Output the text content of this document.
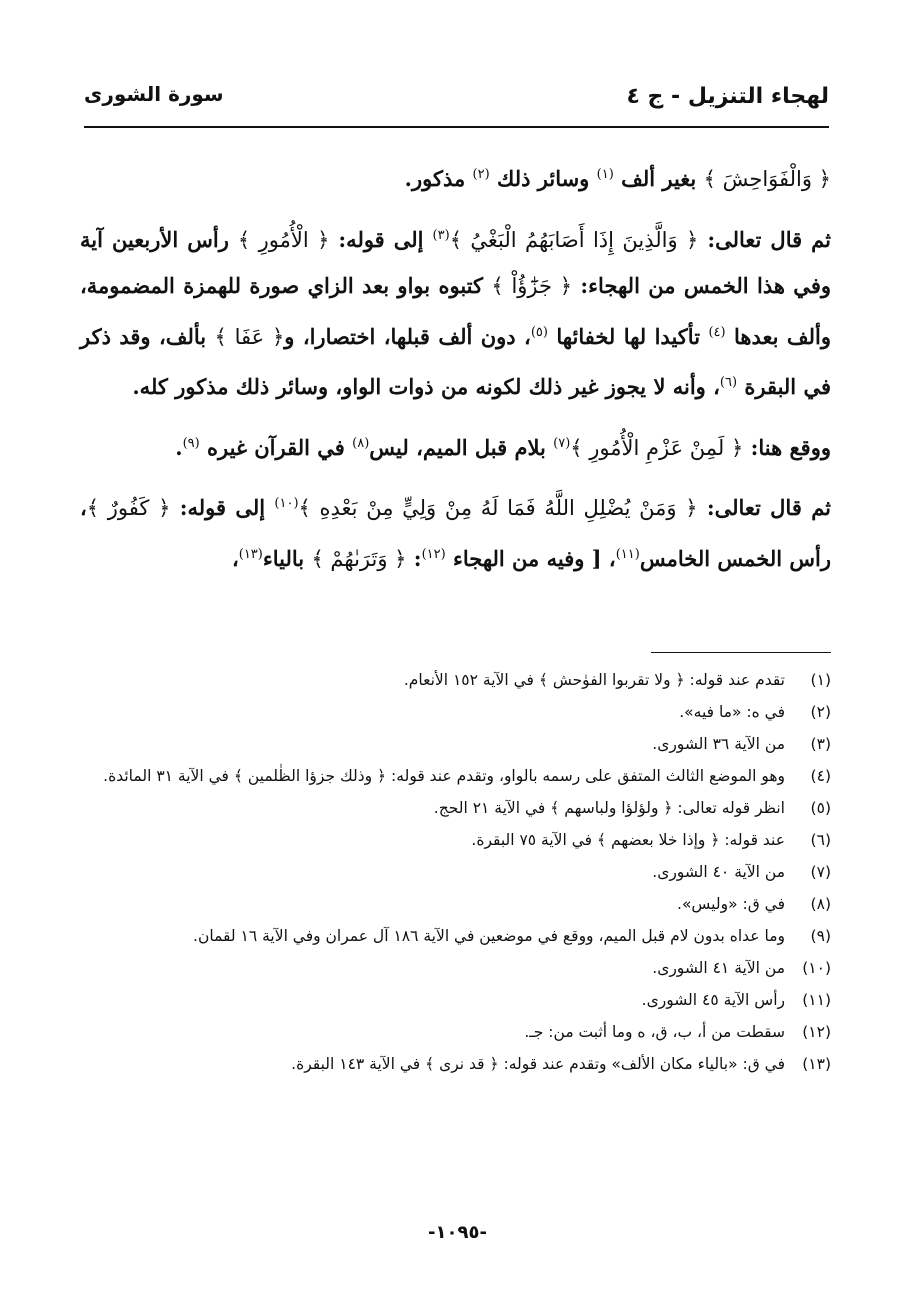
لهجاء التنزيل - ج ٤
سورة الشورى

﴿ وَالْفَوَاحِشَ ﴾ بغير ألف $^{(١)}$ وسائر ذلك $^{(٢)}$ مذكور.

ثم قال تعالى: ﴿ وَالَّذِينَ إِذَا أَصَابَهُمُ الْبَغْيُ ﴾$^{(٣)}$ إلى قوله: ﴿ الْأُمُورِ ﴾ رأس الأربعين آية وفي هذا الخمس من الهجاء: ﴿ جَزَٰٓؤُاْ ﴾ كتبوه بواو بعد الزاي صورة للهمزة المضمومة، وألف بعدها $^{(٤)}$ تأكيدا لها لخفائها $^{(٥)}$، دون ألف قبلها، اختصارا، و﴿ عَفَا ﴾ بألف، وقد ذكر في البقرة $^{(٦)}$، وأنه لا يجوز غير ذلك لكونه من ذوات الواو، وسائر ذلك مذكور كله.

ووقع هنا: ﴿ لَمِنْ عَزْمِ الْأُمُورِ ﴾$^{(٧)}$ بلام قبل الميم، ليس$^{(٨)}$ في القرآن غيره $^{(٩)}$.

ثم قال تعالى: ﴿ وَمَنْ يُضْلِلِ اللَّهُ فَمَا لَهُ مِنْ وَلِيٍّ مِنْ بَعْدِهِ ﴾$^{(١٠)}$ إلى قوله: ﴿ كَفُورٌ ﴾، رأس الخمس الخامس$^{(١١)}$، [ وفيه من الهجاء $^{(١٢)}$: ﴿ وَتَرَىٰهُمْ ﴾ بالياء$^{(١٣)}$،

(١)
تقدم عند قوله: ﴿ ولا تقربوا الفوٰحش ﴾ في الآية ١٥٢ الأنعام.
(٢)
في ه: «ما فيه».
(٣)
من الآية ٣٦ الشورى.
(٤)
وهو الموضع الثالث المتفق على رسمه بالواو، وتقدم عند قوله: ﴿ وذلك جزؤا الظٰلمين ﴾ في الآية ٣١ المائدة.
(٥)
انظر قوله تعالى: ﴿ ولؤلؤا ولباسهم ﴾ في الآية ٢١ الحج.
(٦)
عند قوله: ﴿ وإذا خلا بعضهم ﴾ في الآية ٧٥ البقرة.
(٧)
من الآية ٤٠ الشورى.
(٨)
في ق: «وليس».
(٩)
وما عداه بدون لام قبل الميم، ووقع في موضعين في الآية ١٨٦ آل عمران وفي الآية ١٦ لقمان.
(١٠)
من الآية ٤١ الشورى.
(١١)
رأس الآية ٤٥ الشورى.
(١٢)
سقطت من أ، ب، ق، ه وما أثبت من: جـ.
(١٣)
في ق: «بالياء مكان الألف» وتقدم عند قوله: ﴿ قد نرى ﴾ في الآية ١٤٣ البقرة.
-١٠٩٥-
